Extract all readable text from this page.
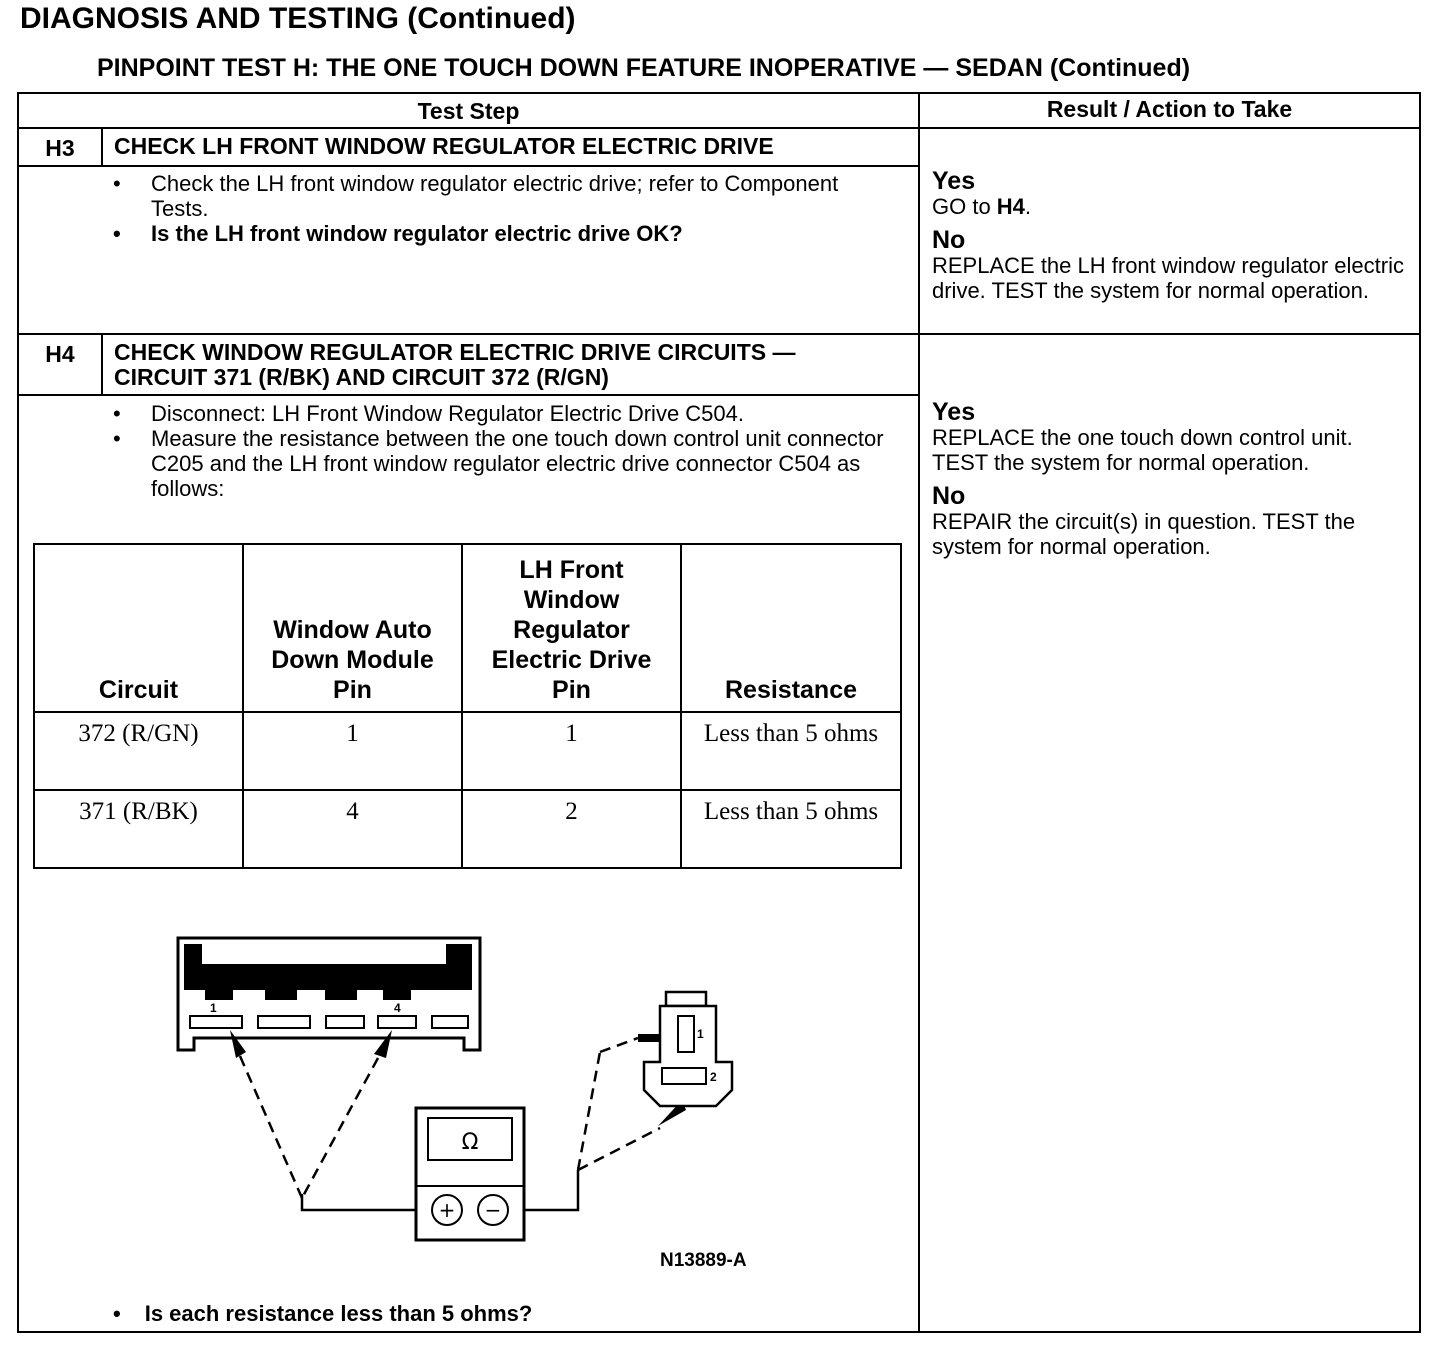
DIAGNOSIS AND TESTING (Continued)
PINPOINT TEST H: THE ONE TOUCH DOWN FEATURE INOPERATIVE — SEDAN (Continued)
Test Step	Result / Action to Take
H3	CHECK LH FRONT WINDOW REGULATOR ELECTRIC DRIVE
• Check the LH front window regulator electric drive; refer to Component Tests.
• Is the LH front window regulator electric drive OK?
Yes
GO to H4.
No
REPLACE the LH front window regulator electric drive. TEST the system for normal operation.
H4	CHECK WINDOW REGULATOR ELECTRIC DRIVE CIRCUITS —
CIRCUIT 371 (R/BK) AND CIRCUIT 372 (R/GN)
• Disconnect: LH Front Window Regulator Electric Drive C504.
• Measure the resistance between the one touch down control unit connector C205 and the LH front window regulator electric drive connector C504 as follows:
Yes
REPLACE the one touch down control unit. TEST the system for normal operation.
No
REPAIR the circuit(s) in question. TEST the system for normal operation.
Circuit	Window Auto Down Module Pin	LH Front Window Regulator Electric Drive Pin	Resistance
372 (R/GN)	1	1	Less than 5 ohms
371 (R/BK)	4	2	Less than 5 ohms
1	4
Ω
+ −
1
2
N13889-A
• Is each resistance less than 5 ohms?
